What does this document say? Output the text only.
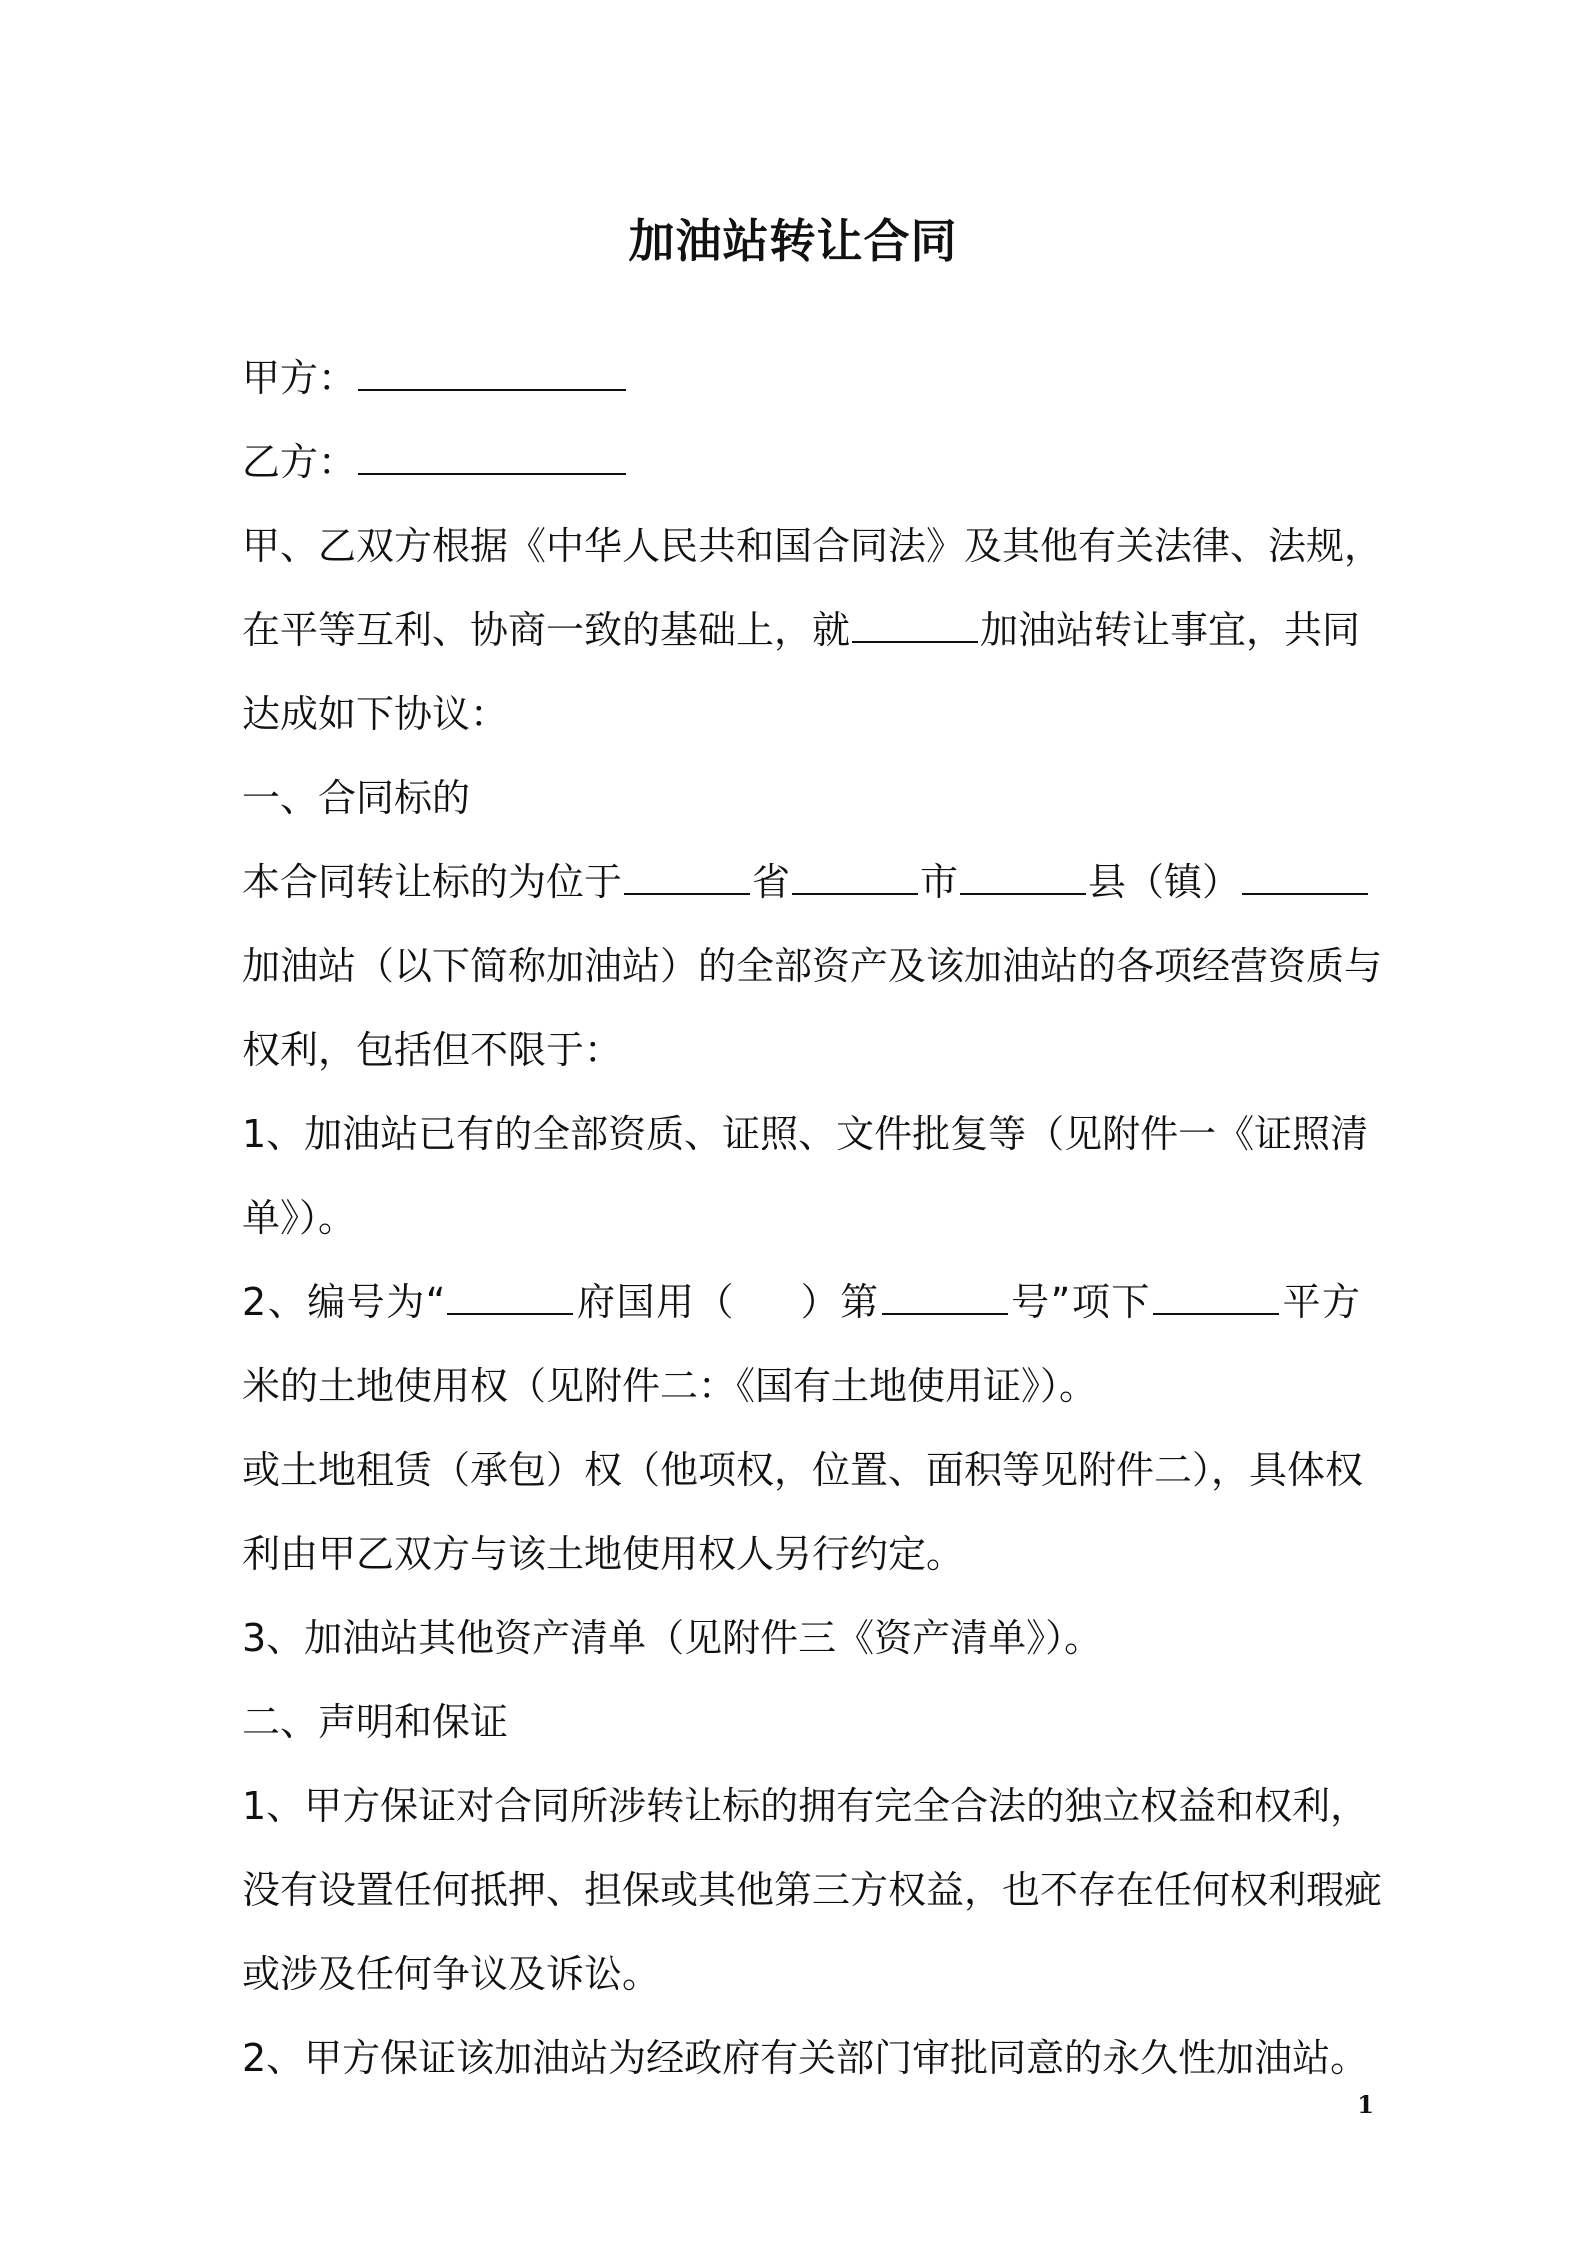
加油站转让合同
甲方：
乙方：
甲、乙双方根据《中华人民共和国合同法》及其他有关法律、法规，
在平等互利、协商一致的基础上，就	加油站转让事宜，共同
达成如下协议：
一、合同标的
本合同转让标的为位于	省	市	县（镇）
加油站（以下简称加油站）的全部资产及该加油站的各项经营资质与
权利，包括但不限于：
1、加油站已有的全部资质、证照、文件批复等（见附件一《证照清
单》）。
2、编号为“	府国用（ ）第	号”项下	平方
米的土地使用权（见附件二：《国有土地使用证》）。
或土地租赁（承包）权（他项权，位置、面积等见附件二），具体权
利由甲乙双方与该土地使用权人另行约定。
3、加油站其他资产清单（见附件三《资产清单》）。
二、声明和保证
1、甲方保证对合同所涉转让标的拥有完全合法的独立权益和权利，
没有设置任何抵押、担保或其他第三方权益，也不存在任何权利瑕疵
或涉及任何争议及诉讼。
2、甲方保证该加油站为经政府有关部门审批同意的永久性加油站。
1
